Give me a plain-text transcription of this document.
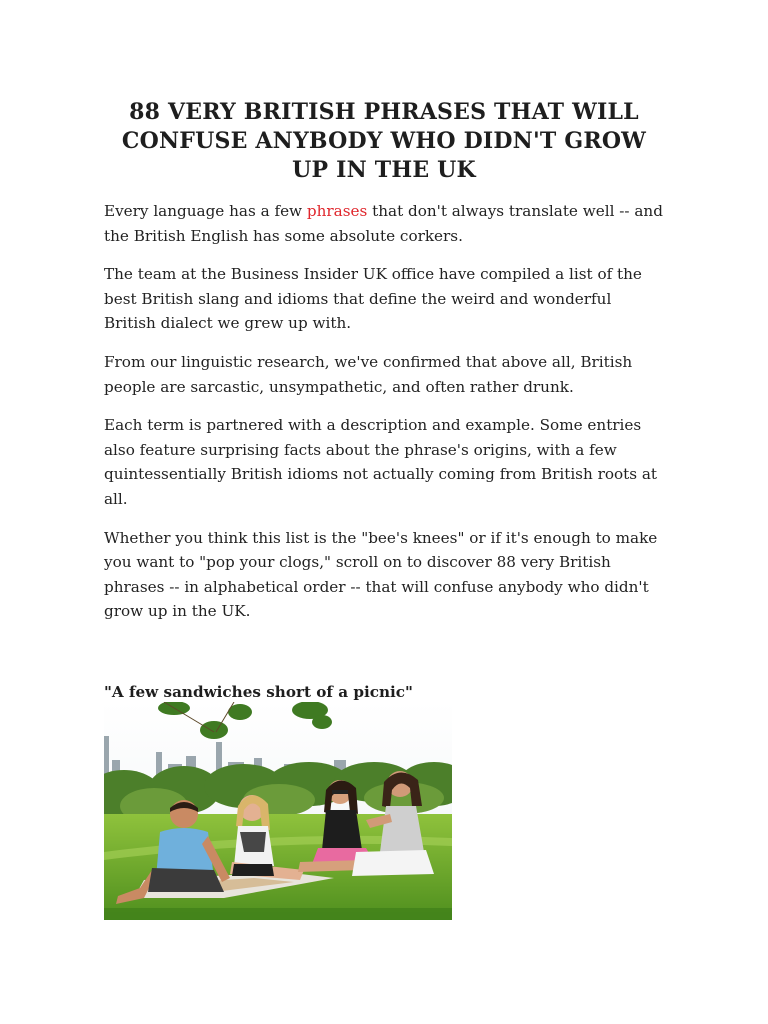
88 VERY BRITISH PHRASES THAT WILL CONFUSE ANYBODY WHO DIDN'T GROW UP IN THE UK

Every language has a few phrases that don't always translate well -- and the British English has some absolute corkers.

The team at the Business Insider UK office have compiled a list of the best British slang and idioms that define the weird and wonderful British dialect we grew up with.

From our linguistic research, we've confirmed that above all, British people are sarcastic, unsympathetic, and often rather drunk.

Each term is partnered with a description and example. Some entries also feature surprising facts about the phrase's origins, with a few quintessentially British idioms not actually coming from British roots at all.

Whether you think this list is the "bee's knees" or if it's enough to make you want to "pop your clogs," scroll on to discover 88 very British phrases -- in alphabetical order -- that will confuse anybody who didn't grow up in the UK.

"A few sandwiches short of a picnic"
